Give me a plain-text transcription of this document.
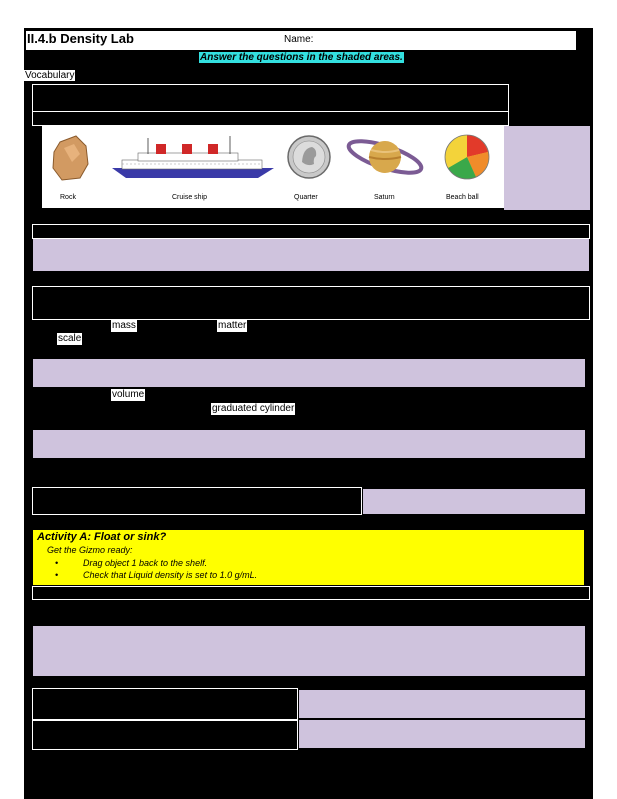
II.4.b Density Lab	Name:
Answer the questions in the shaded areas.
Vocabulary
Rock	Cruise ship	Quarter	Saturn	Beach ball
mass	matter
scale
volume
graduated cylinder
Activity A: Float or sink?
Get the Gizmo ready:
•	Drag object 1 back to the shelf.
•	Check that Liquid density is set to 1.0 g/mL.
